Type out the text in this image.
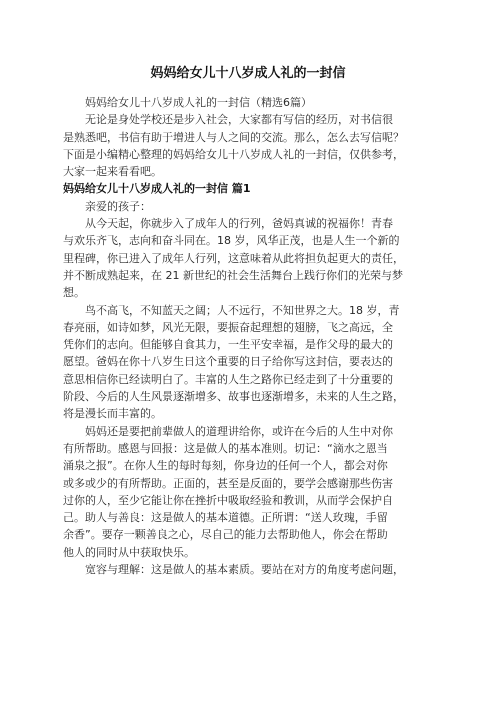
妈妈给女儿十八岁成人礼的一封信
妈妈给女儿十八岁成人礼的一封信（精选6篇）
无论是身处学校还是步入社会，大家都有写信的经历，对书信很
是熟悉吧，书信有助于增进人与人之间的交流。那么，怎么去写信呢？
下面是小编精心整理的妈妈给女儿十八岁成人礼的一封信，仅供参考，
大家一起来看看吧。
妈妈给女儿十八岁成人礼的一封信 篇1
亲爱的孩子：
从今天起，你就步入了成年人的行列，爸妈真诚的祝福你！青春
与欢乐齐飞，志向和奋斗同在。18 岁，风华正茂，也是人生一个新的
里程碑，你已进入了成年人行列，这意味着从此将担负起更大的责任，
并不断成熟起来，在 21 新世纪的社会生活舞台上践行你们的光荣与梦
想。
鸟不高飞，不知蓝天之阔；人不远行，不知世界之大。18 岁，青
春亮丽，如诗如梦，风光无限，要振奋起理想的翅膀，飞之高远，全
凭你们的志向。但能够自食其力，一生平安幸福，是作父母的最大的
愿望。爸妈在你十八岁生日这个重要的日子给你写这封信，要表达的
意思相信你已经读明白了。丰富的人生之路你已经走到了十分重要的
阶段、今后的人生风景逐渐增多、故事也逐渐增多，未来的人生之路，
将是漫长而丰富的。
妈妈还是要把前辈做人的道理讲给你，或许在今后的人生中对你
有所帮助。感恩与回报：这是做人的基本准则。切记：“滴水之恩当
涌泉之报”。在你人生的每时每刻，你身边的任何一个人，都会对你
或多或少的有所帮助。正面的，甚至是反面的，要学会感谢那些伤害
过你的人，至少它能让你在挫折中吸取经验和教训，从而学会保护自
己。助人与善良：这是做人的基本道德。正所谓：“送人玫瑰，手留
余香”。要存一颗善良之心，尽自己的能力去帮助他人，你会在帮助
他人的同时从中获取快乐。
宽容与理解：这是做人的基本素质。要站在对方的角度考虑问题，
